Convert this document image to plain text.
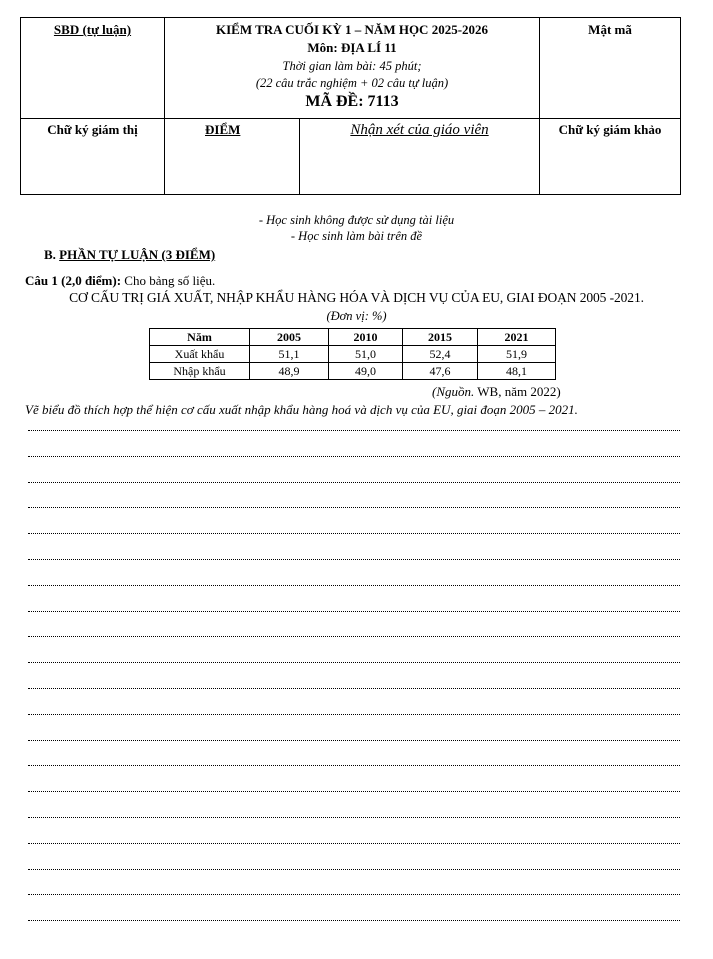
SBD (tự luận)	KIỂM TRA CUỐI KỲ 1 – NĂM HỌC 2025-2026
Môn: ĐỊA LÍ 11
Thời gian làm bài: 45 phút;
(22 câu trắc nghiệm + 02 câu tự luận)
MÃ ĐỀ: 7113		Mật mã

Chữ ký giám thị	ĐIỂM	Nhận xét của giáo viên	Chữ ký giám khảo
- Học sinh không được sử dụng tài liệu
- Học sinh làm bài trên đề
B. PHẦN TỰ LUẬN (3 ĐIỂM)
Câu 1 (2,0 điểm): Cho bảng số liệu.
CƠ CẤU TRỊ GIÁ XUẤT, NHẬP KHẨU HÀNG HÓA VÀ DỊCH VỤ CỦA EU, GIAI ĐOẠN 2005 -2021.
(Đơn vị: %)
Năm	2005	2010	2015	2021
Xuất khẩu	51,1	51,0	52,4	51,9
Nhập khẩu	48,9	49,0	47,6	48,1
(Nguồn. WB, năm 2022)
Vẽ biểu đồ thích hợp thể hiện cơ cấu xuất nhập khẩu hàng hoá và dịch vụ của EU, giai đoạn 2005 – 2021.
